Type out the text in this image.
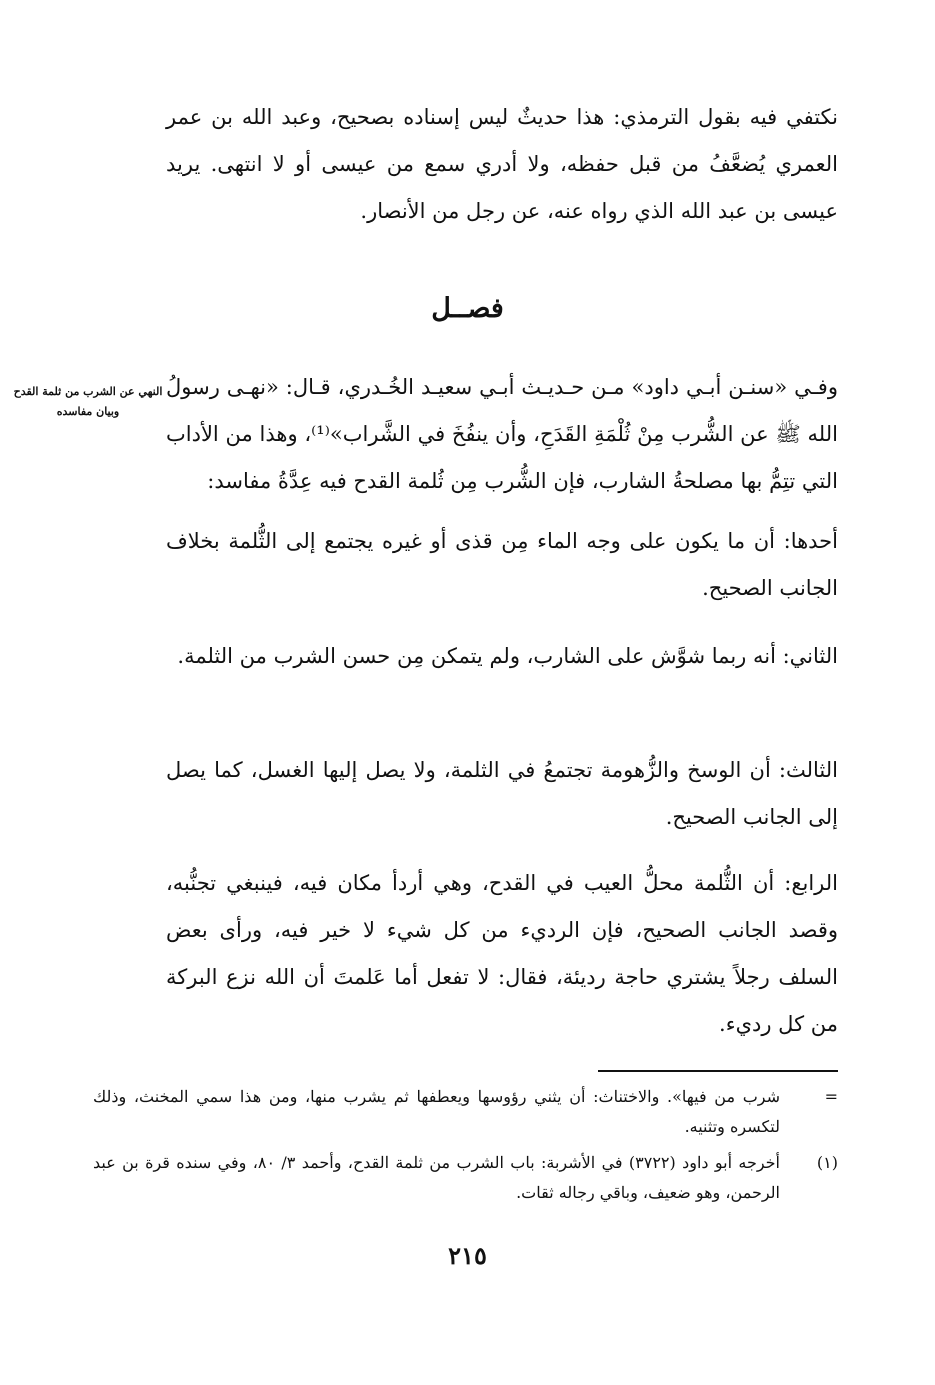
نكتفي فيه بقول الترمذي: هذا حديثٌ ليس إسناده بصحيح، وعبد الله بن عمر العمري يُضعَّفُ من قبل حفظه، ولا أدري سمع من عيسى أو لا انتهى. يريد عيسى بن عبد الله الذي رواه عنه، عن رجل من الأنصار.

فصــل

النهي عن الشرب من ثلمة القدح وبيان مفاسده

وفـي «سنـن أبـي داود» مـن حـديـث أبـي سعيـد الخُـدري، قـال: «نهـى رسولُ الله ﷺ عن الشُّرب مِنْ ثُلْمَةِ القَدَحِ، وأن ينفُخَ في الشَّراب»⁽¹⁾، وهذا من الأداب التي تتِمُّ بها مصلحةُ الشارب، فإن الشُّرب مِن ثُلمة القدح فيه عِدَّةُ مفاسد:

أحدها: أن ما يكون على وجه الماء مِن قذى أو غيره يجتمع إلى الثُّلمة بخلاف الجانب الصحيح.

الثاني: أنه ربما شوَّش على الشارب، ولم يتمكن مِن حسن الشرب من الثلمة.

الثالث: أن الوسخ والزُّهومة تجتمعُ في الثلمة، ولا يصل إليها الغسل، كما يصل إلى الجانب الصحيح.

الرابع: أن الثُّلمة محلُّ العيب في القدح، وهي أردأ مكان فيه، فينبغي تجنُّبه، وقصد الجانب الصحيح، فإن الرديء من كل شيء لا خير فيه، ورأى بعض السلف رجلاً يشتري حاجة رديئة، فقال: لا تفعل أما عَلمتَ أن الله نزع البركة من كل رديء.

=
شرب من فيها». والاختناث: أن يثني رؤوسها ويعطفها ثم يشرب منها، ومن هذا سمي المخنث، وذلك لتكسره وتثنيه.
(١)
أخرجه أبو داود (٣٧٢٢) في الأشربة: باب الشرب من ثلمة القدح، وأحمد ٣/ ٨٠، وفي سنده قرة بن عبد الرحمن، وهو ضعيف، وباقي رجاله ثقات.
٢١٥
